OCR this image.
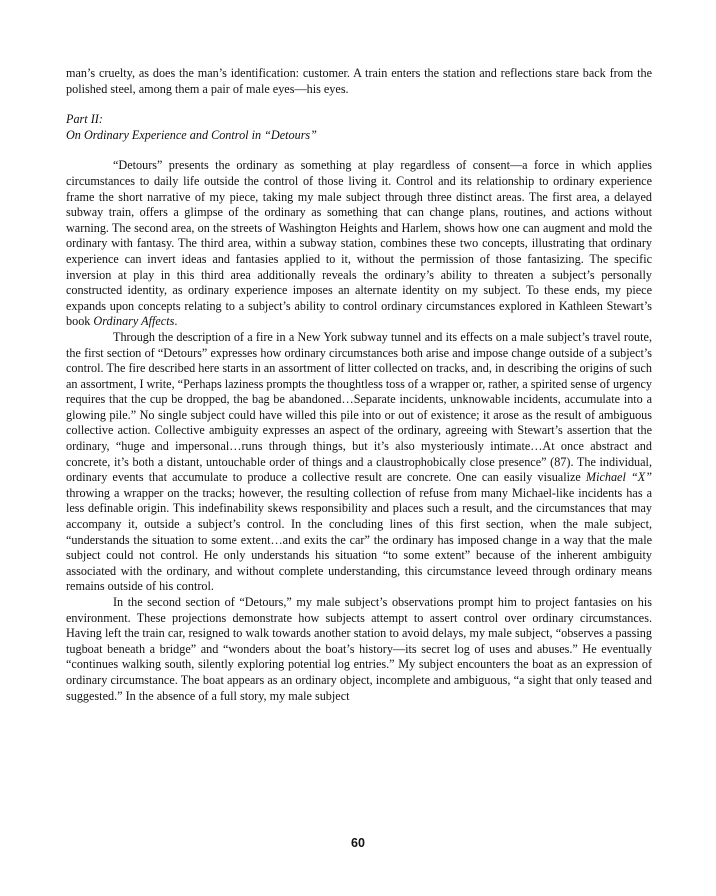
man’s cruelty, as does the man’s identification: customer. A train enters the station and reflections stare back from the polished steel, among them a pair of male eyes—his eyes.

Part II:
On Ordinary Experience and Control in “Detours”

“Detours” presents the ordinary as something at play regardless of consent—a force in which applies circumstances to daily life outside the control of those living it. Control and its relationship to ordinary experience frame the short narrative of my piece, taking my male subject through three distinct areas. The first area, a delayed subway train, offers a glimpse of the ordinary as something that can change plans, routines, and actions without warning. The second area, on the streets of Washington Heights and Harlem, shows how one can augment and mold the ordinary with fantasy. The third area, within a subway station, combines these two concepts, illustrating that ordinary experience can invert ideas and fantasies applied to it, without the permission of those fantasizing. The specific inversion at play in this third area additionally reveals the ordinary’s ability to threaten a subject’s personally constructed identity, as ordinary experience imposes an alternate identity on my subject. To these ends, my piece expands upon concepts relating to a subject’s ability to control ordinary circumstances explored in Kathleen Stewart’s book Ordinary Affects.

Through the description of a fire in a New York subway tunnel and its effects on a male subject’s travel route, the first section of “Detours” expresses how ordinary circumstances both arise and impose change outside of a subject’s control. The fire described here starts in an assortment of litter collected on tracks, and, in describing the origins of such an assortment, I write, “Perhaps laziness prompts the thoughtless toss of a wrapper or, rather, a spirited sense of urgency requires that the cup be dropped, the bag be abandoned…Separate incidents, unknowable incidents, accumulate into a glowing pile.” No single subject could have willed this pile into or out of existence; it arose as the result of ambiguous collective action. Collective ambiguity expresses an aspect of the ordinary, agreeing with Stewart’s assertion that the ordinary, “huge and impersonal…runs through things, but it’s also mysteriously intimate…At once abstract and concrete, it’s both a distant, untouchable order of things and a claustrophobically close presence” (87). The individual, ordinary events that accumulate to produce a collective result are concrete. One can easily visualize Michael “X” throwing a wrapper on the tracks; however, the resulting collection of refuse from many Michael-like incidents has a less definable origin. This indefinability skews responsibility and places such a result, and the circumstances that may accompany it, outside a subject’s control. In the concluding lines of this first section, when the male subject, “understands the situation to some extent…and exits the car” the ordinary has imposed change in a way that the male subject could not control. He only understands his situation “to some extent” because of the inherent ambiguity associated with the ordinary, and without complete understanding, this circumstance leveed through ordinary means remains outside of his control.

In the second section of “Detours,” my male subject’s observations prompt him to project fantasies on his environment. These projections demonstrate how subjects attempt to assert control over ordinary circumstances. Having left the train car, resigned to walk towards another station to avoid delays, my male subject, “observes a passing tugboat beneath a bridge” and “wonders about the boat’s history—its secret log of uses and abuses.” He eventually “continues walking south, silently exploring potential log entries.” My subject encounters the boat as an expression of ordinary circumstance. The boat appears as an ordinary object, incomplete and ambiguous, “a sight that only teased and suggested.” In the absence of a full story, my male subject

60
